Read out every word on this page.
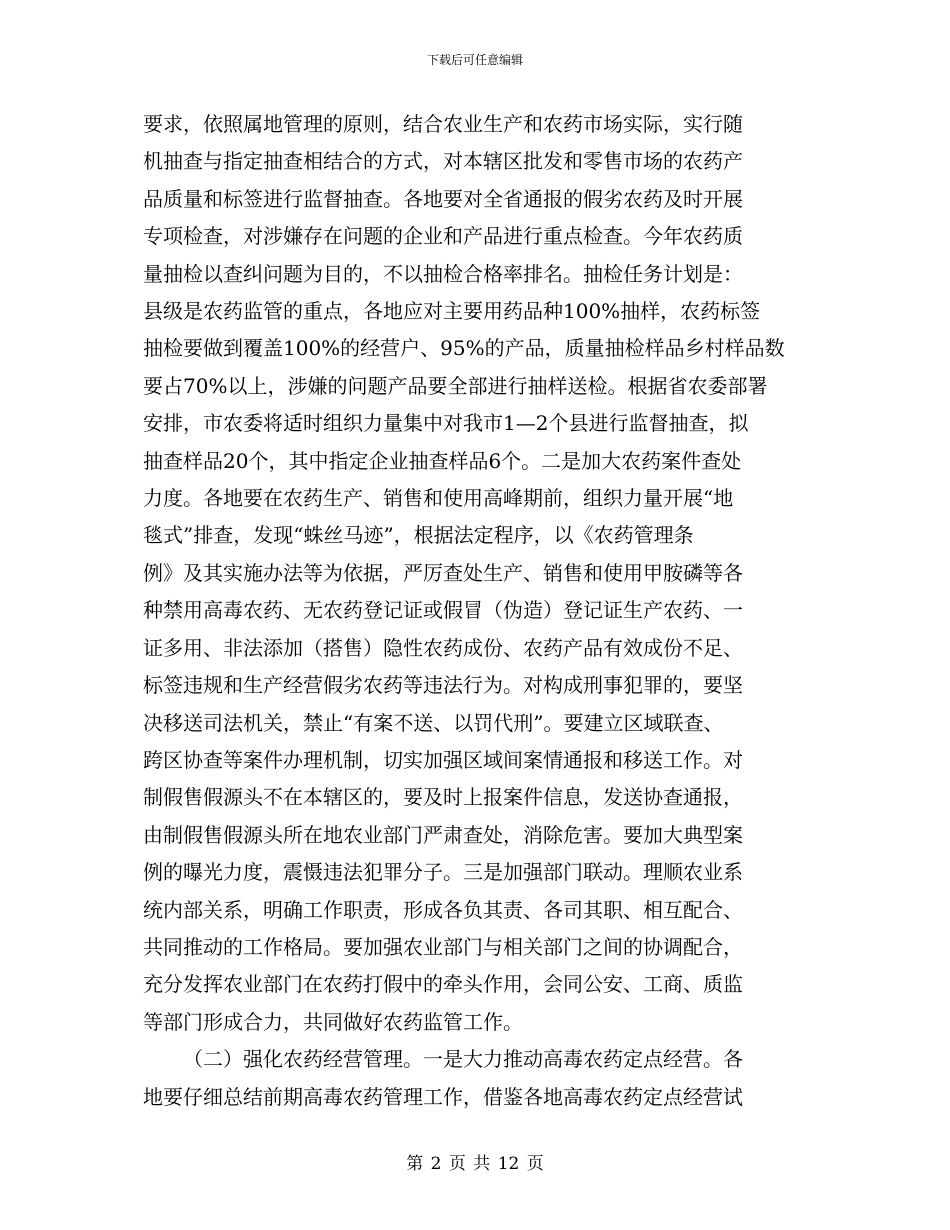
下载后可任意编辑
要求，依照属地管理的原则，结合农业生产和农药市场实际，实行随
机抽查与指定抽查相结合的方式，对本辖区批发和零售市场的农药产
品质量和标签进行监督抽查。各地要对全省通报的假劣农药及时开展
专项检查，对涉嫌存在问题的企业和产品进行重点检查。今年农药质
量抽检以查纠问题为目的，不以抽检合格率排名。抽检任务计划是：
县级是农药监管的重点，各地应对主要用药品种100%抽样，农药标签
抽检要做到覆盖100%的经营户、95%的产品，质量抽检样品乡村样品数
要占70%以上，涉嫌的问题产品要全部进行抽样送检。根据省农委部署
安排，市农委将适时组织力量集中对我市1—2个县进行监督抽查，拟
抽查样品20个，其中指定企业抽查样品6个。二是加大农药案件查处
力度。各地要在农药生产、销售和使用高峰期前，组织力量开展“地
毯式”排查，发现“蛛丝马迹”，根据法定程序，以《农药管理条
例》及其实施办法等为依据，严厉查处生产、销售和使用甲胺磷等各
种禁用高毒农药、无农药登记证或假冒（伪造）登记证生产农药、一
证多用、非法添加（搭售）隐性农药成份、农药产品有效成份不足、
标签违规和生产经营假劣农药等违法行为。对构成刑事犯罪的，要坚
决移送司法机关，禁止“有案不送、以罚代刑”。要建立区域联查、
跨区协查等案件办理机制，切实加强区域间案情通报和移送工作。对
制假售假源头不在本辖区的，要及时上报案件信息，发送协查通报，
由制假售假源头所在地农业部门严肃查处，消除危害。要加大典型案
例的曝光力度，震慑违法犯罪分子。三是加强部门联动。理顺农业系
统内部关系，明确工作职责，形成各负其责、各司其职、相互配合、
共同推动的工作格局。要加强农业部门与相关部门之间的协调配合，
充分发挥农业部门在农药打假中的牵头作用，会同公安、工商、质监
等部门形成合力，共同做好农药监管工作。
（二）强化农药经营管理。一是大力推动高毒农药定点经营。各
地要仔细总结前期高毒农药管理工作，借鉴各地高毒农药定点经营试
第 2 页 共 12 页
